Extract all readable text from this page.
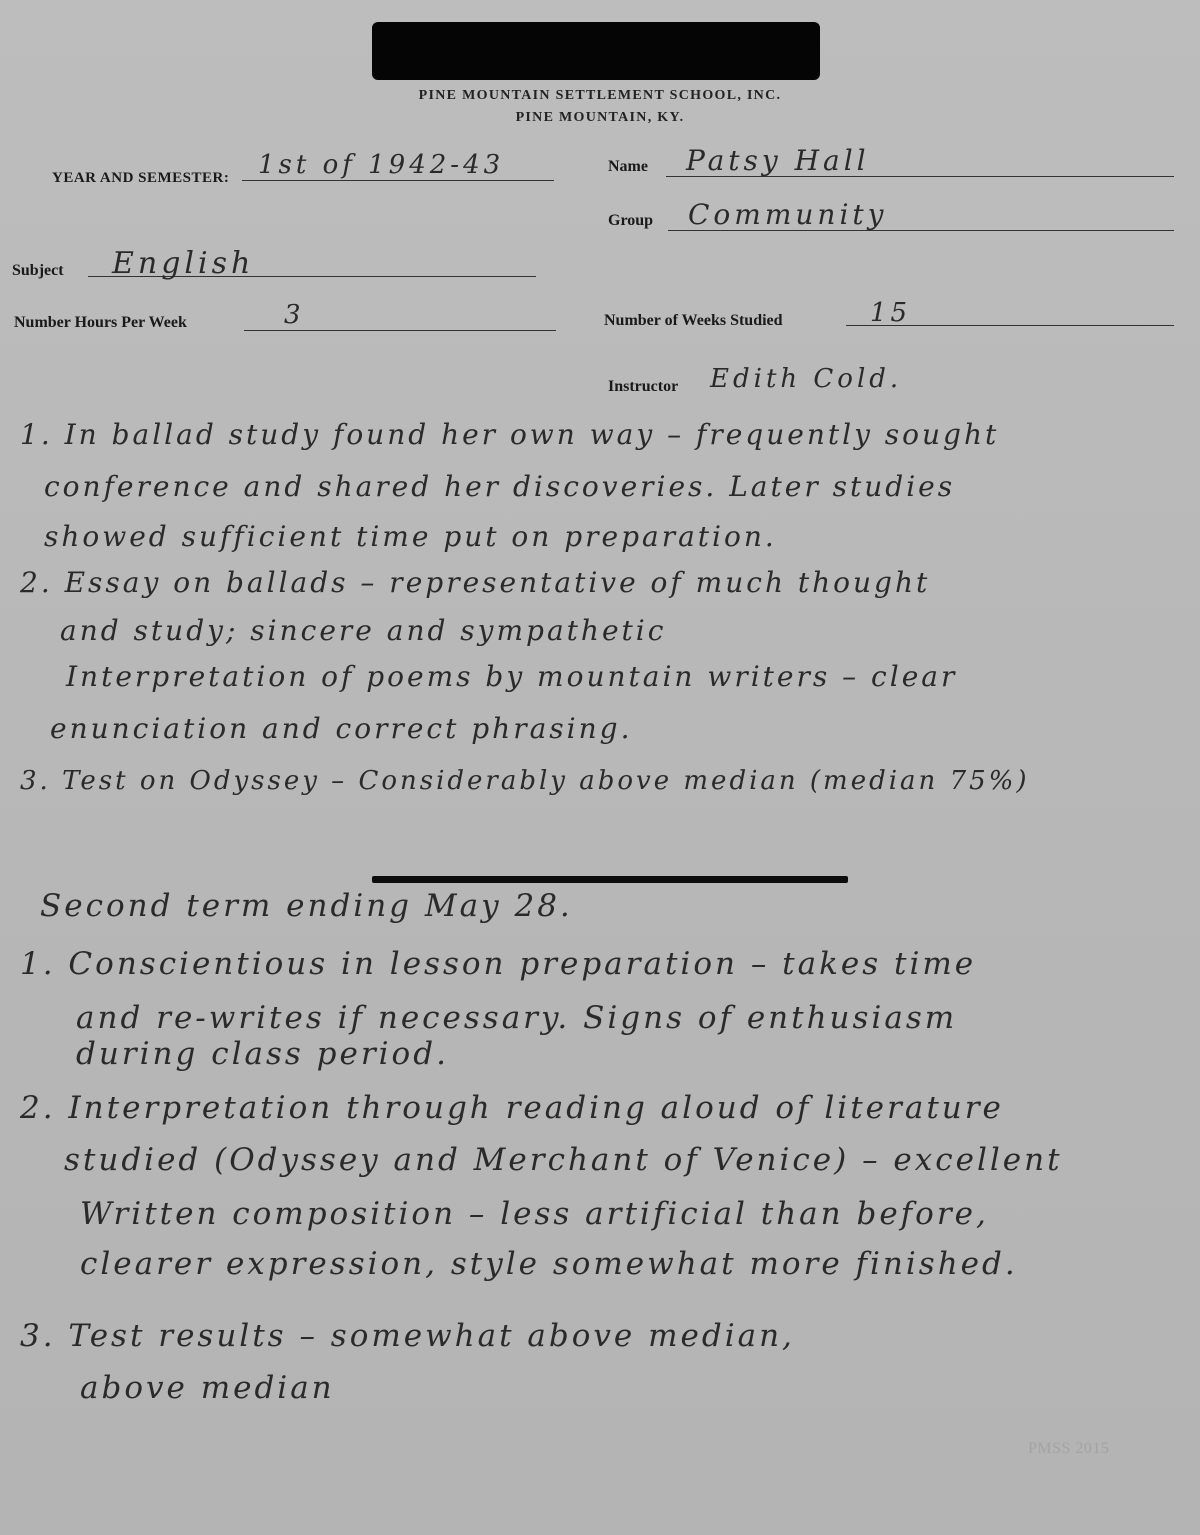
PINE MOUNTAIN SETTLEMENT SCHOOL, INC.
PINE MOUNTAIN, KY.
YEAR AND SEMESTER: 1st of 1942-43	Name Patsy Hall
Group Community
Subject English
Number Hours Per Week	3	Number of Weeks Studied	15
Instructor Edith Cold.
1. In ballad study found her own way – frequently sought
conference and shared her discoveries. Later studies
showed sufficient time put on preparation.
2. Essay on ballads – representative of much thought
and study; sincere and sympathetic
Interpretation of poems by mountain writers – clear
enunciation and correct phrasing.
3. Test on Odyssey – Considerably above median (median 75%)
Second term ending May 28.
1. Conscientious in lesson preparation – takes time
and re-writes if necessary. Signs of enthusiasm
during class period.
2. Interpretation through reading aloud of literature
studied (Odyssey and Merchant of Venice) – excellent
Written composition – less artificial than before,
clearer expression, style somewhat more finished.
3. Test results – somewhat above median,
above median
PMSS 2015
